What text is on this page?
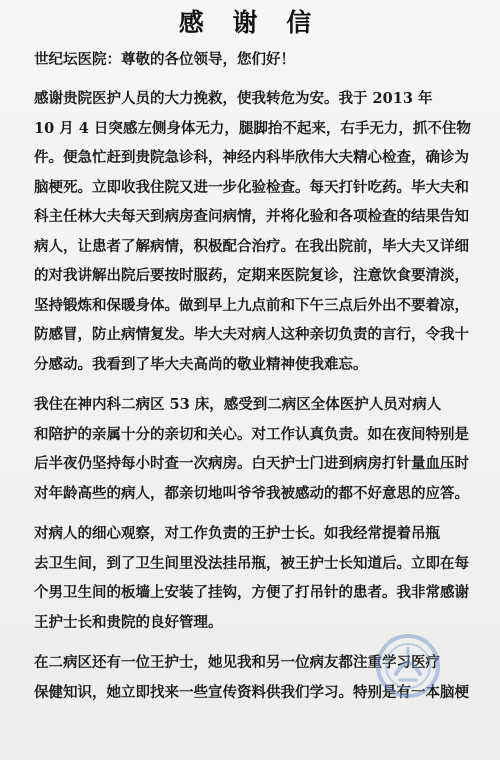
感 谢 信
世纪坛医院：尊敬的各位领导，您们好！
感谢贵院医护人员的大力挽救，使我转危为安。我于 2013 年
10 月 4 日突感左侧身体无力，腿脚抬不起来，右手无力，抓不住物
件。便急忙赶到贵院急诊科，神经内科毕欣伟大夫精心检查，确诊为
脑梗死。立即收我住院又进一步化验检查。每天打针吃药。毕大夫和
科主任林大夫每天到病房查问病情，并将化验和各项检查的结果告知
病人，让患者了解病情，积极配合治疗。在我出院前，毕大夫又详细
的对我讲解出院后要按时服药，定期来医院复诊，注意饮食要清淡，
坚持锻炼和保暖身体。做到早上九点前和下午三点后外出不要着凉，
防感冒，防止病情复发。毕大夫对病人这种亲切负责的言行，令我十
分感动。我看到了毕大夫高尚的敬业精神使我难忘。
我住在神内科二病区 53 床，感受到二病区全体医护人员对病人
和陪护的亲属十分的亲切和关心。对工作认真负责。如在夜间特别是
后半夜仍坚持每小时查一次病房。白天护士门进到病房打针量血压时
对年龄高些的病人，都亲切地叫爷爷我被感动的都不好意思的应答。
对病人的细心观察，对工作负责的王护士长。如我经常提着吊瓶
去卫生间，到了卫生间里没法挂吊瓶，被王护士长知道后。立即在每
个男卫生间的板墙上安装了挂钩，方便了打吊针的患者。我非常感谢
王护士长和贵院的良好管理。
在二病区还有一位王护士，她见我和另一位病友都注重学习医疗
保健知识，她立即找来一些宣传资料供我们学习。特别是有一本脑梗
